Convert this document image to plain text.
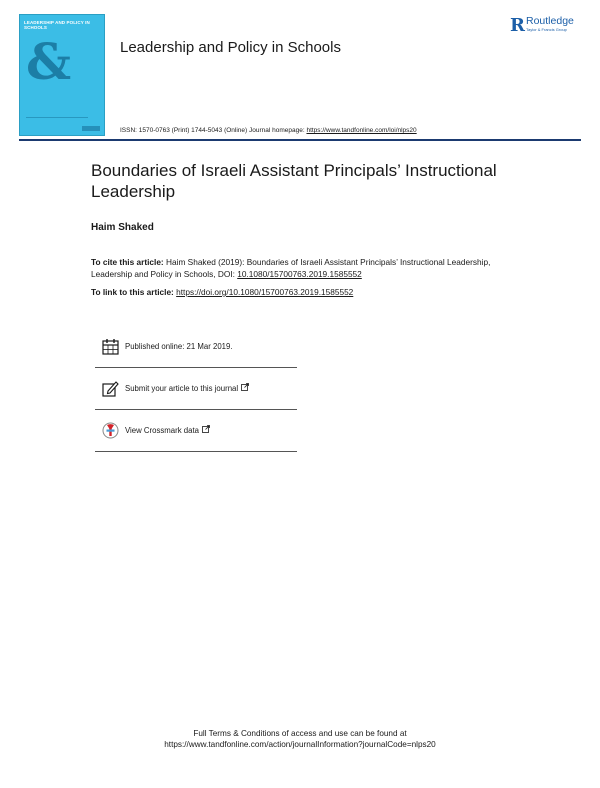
LEADERSHIP AND POLICY IN SCHOOLS
&	Leadership and Policy in Schools
R Routledge
Taylor & Francis Group
ISSN: 1570-0763 (Print) 1744-5043 (Online) Journal homepage: https://www.tandfonline.com/loi/nlps20
Boundaries of Israeli Assistant Principals’ Instructional Leadership
Haim Shaked
To cite this article: Haim Shaked (2019): Boundaries of Israeli Assistant Principals’ Instructional Leadership, Leadership and Policy in Schools, DOI: 10.1080/15700763.2019.1585552
To link to this article: https://doi.org/10.1080/15700763.2019.1585552
Published online: 21 Mar 2019.
Submit your article to this journal
View Crossmark data
Full Terms & Conditions of access and use can be found at
https://www.tandfonline.com/action/journalInformation?journalCode=nlps20
